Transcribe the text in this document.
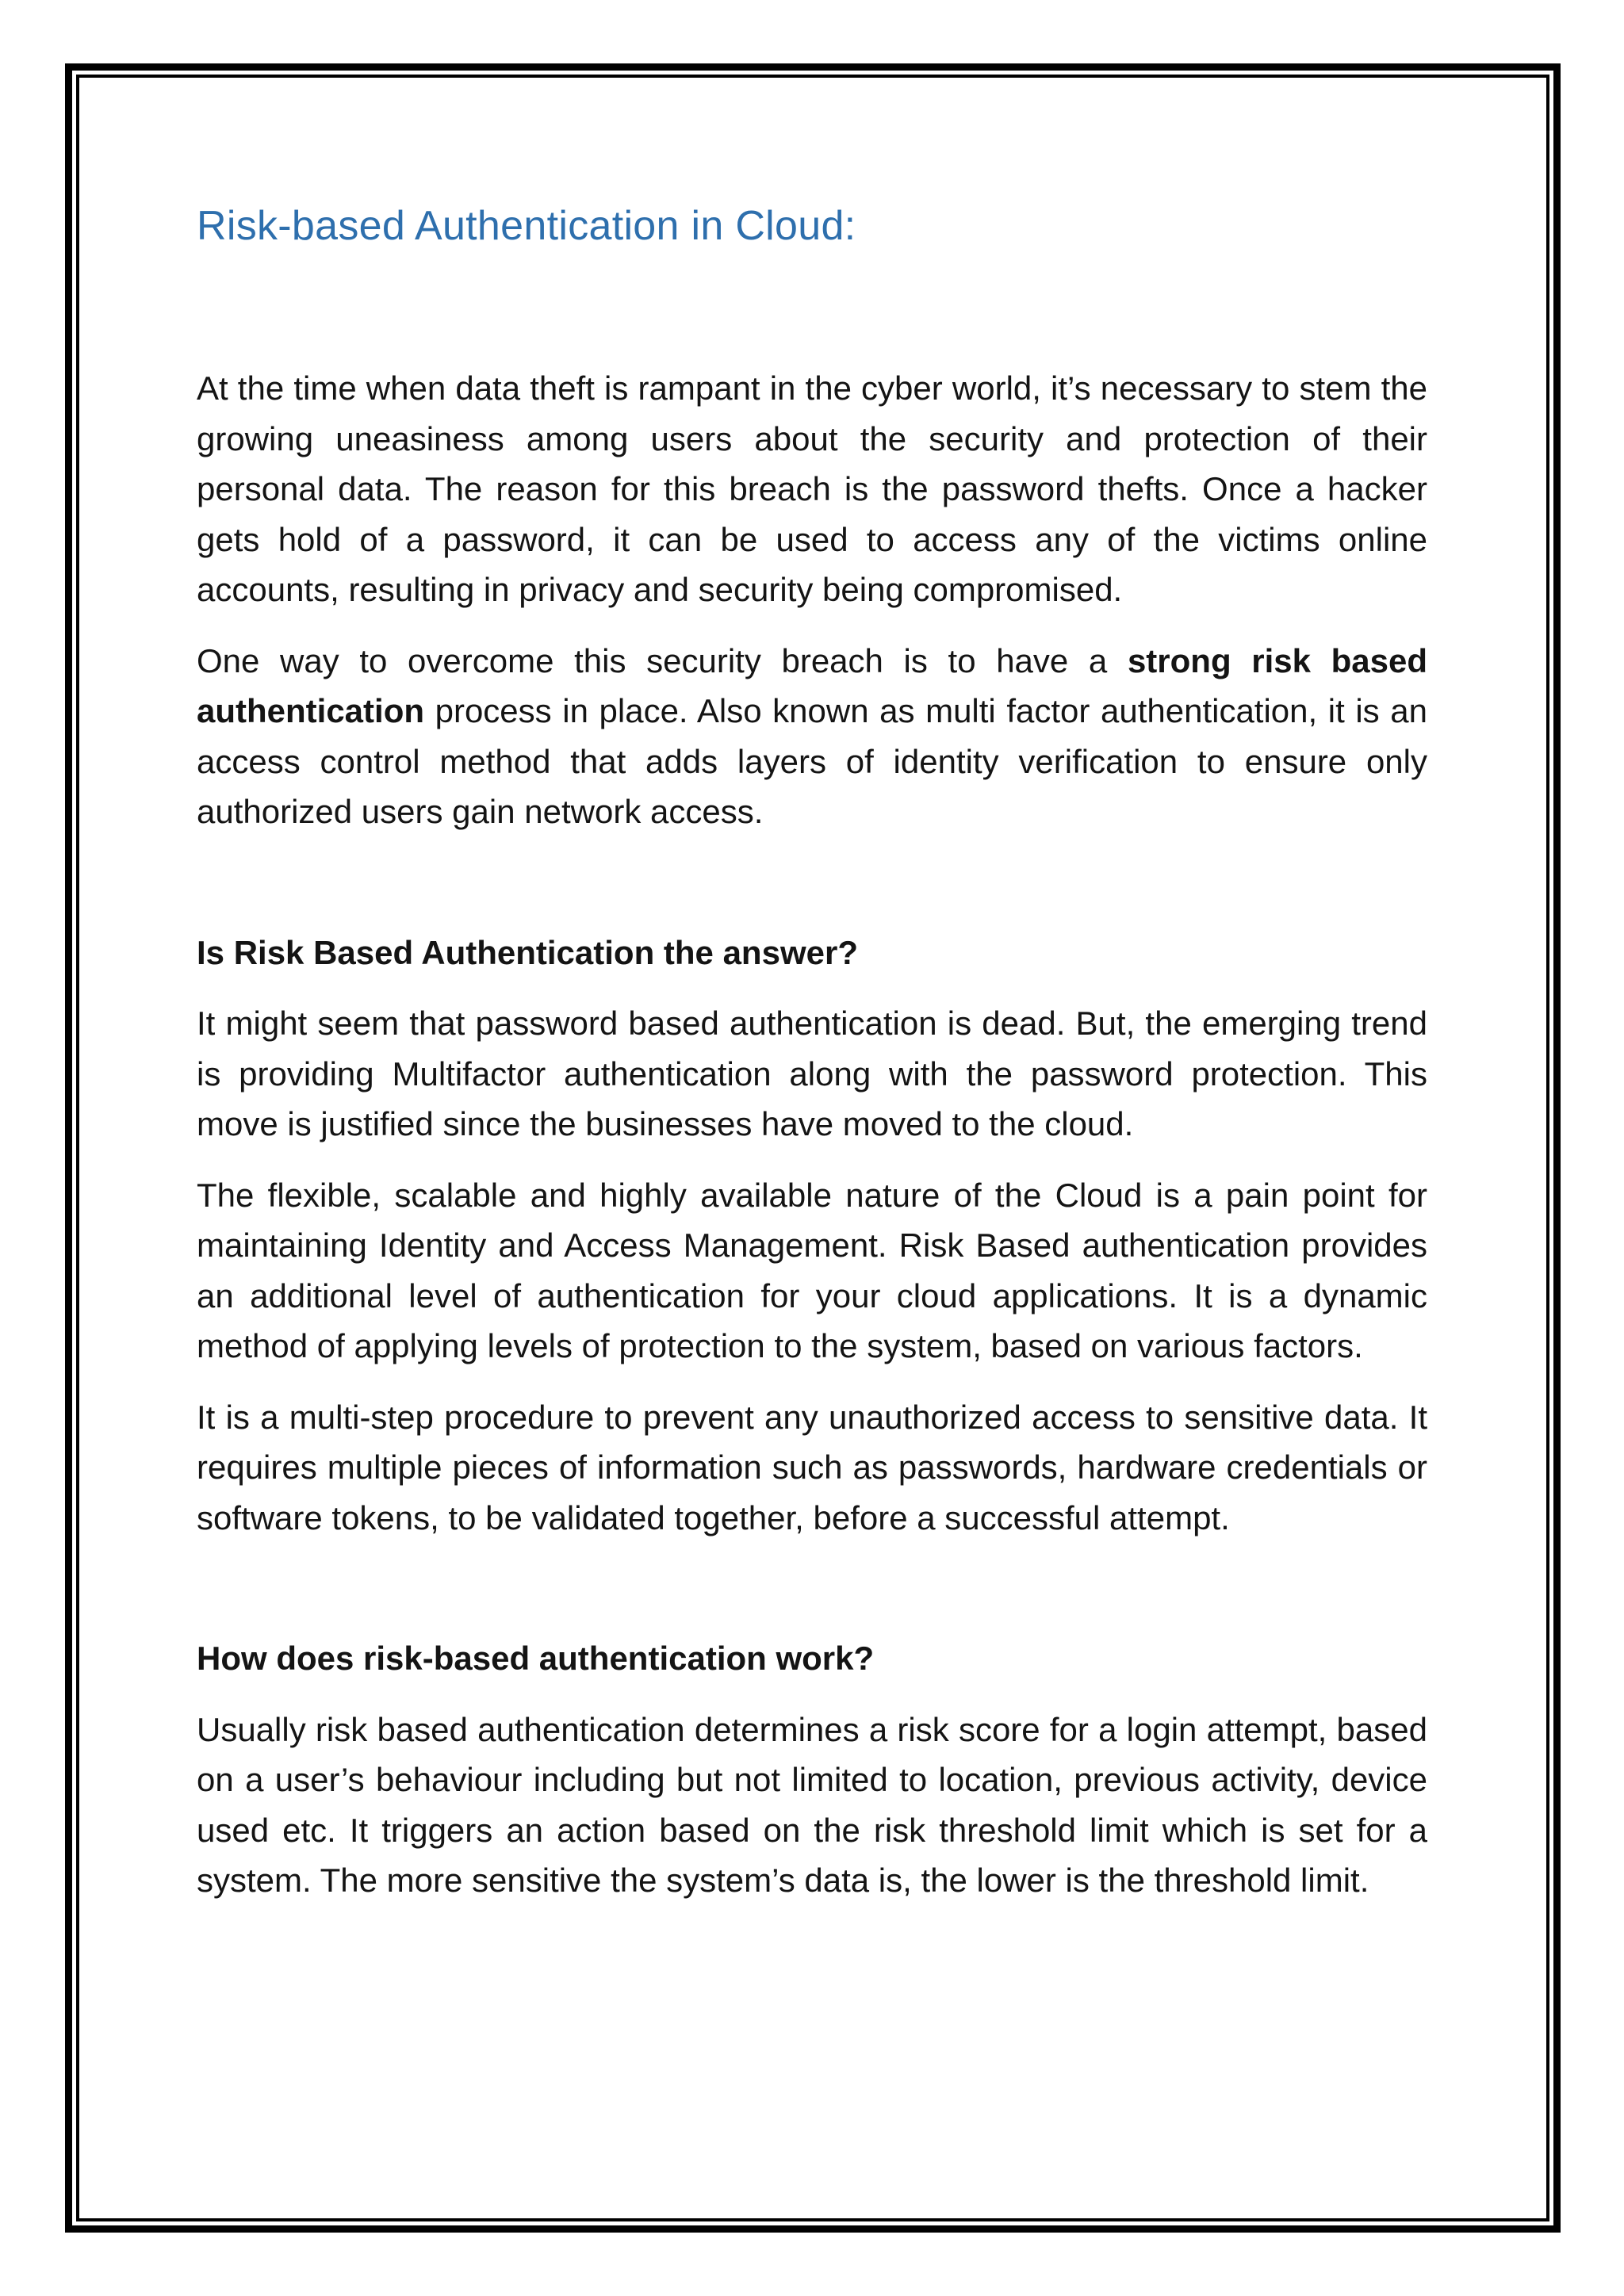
Risk-based Authentication in Cloud:

At the time when data theft is rampant in the cyber world, it’s necessary to stem the growing uneasiness among users about the security and protection of their personal data. The reason for this breach is the password thefts. Once a hacker gets hold of a password, it can be used to access any of the victims online accounts, resulting in privacy and security being compromised.

One way to overcome this security breach is to have a strong risk based authentication process in place. Also known as multi factor authentication, it is an access control method that adds layers of identity verification to ensure only authorized users gain network access.

Is Risk Based Authentication the answer?

It might seem that password based authentication is dead. But, the emerging trend is providing Multifactor authentication along with the password protection. This move is justified since the businesses have moved to the cloud.

The flexible, scalable and highly available nature of the Cloud is a pain point for maintaining Identity and Access Management. Risk Based authentication provides an additional level of authentication for your cloud applications. It is a dynamic method of applying levels of protection to the system, based on various factors.

It is a multi-step procedure to prevent any unauthorized access to sensitive data. It requires multiple pieces of information such as passwords, hardware credentials or software tokens, to be validated together, before a successful attempt.

How does risk-based authentication work?

Usually risk based authentication determines a risk score for a login attempt, based on a user’s behaviour including but not limited to location, previous activity, device used etc. It triggers an action based on the risk threshold limit which is set for a system. The more sensitive the system’s data is, the lower is the threshold limit.
